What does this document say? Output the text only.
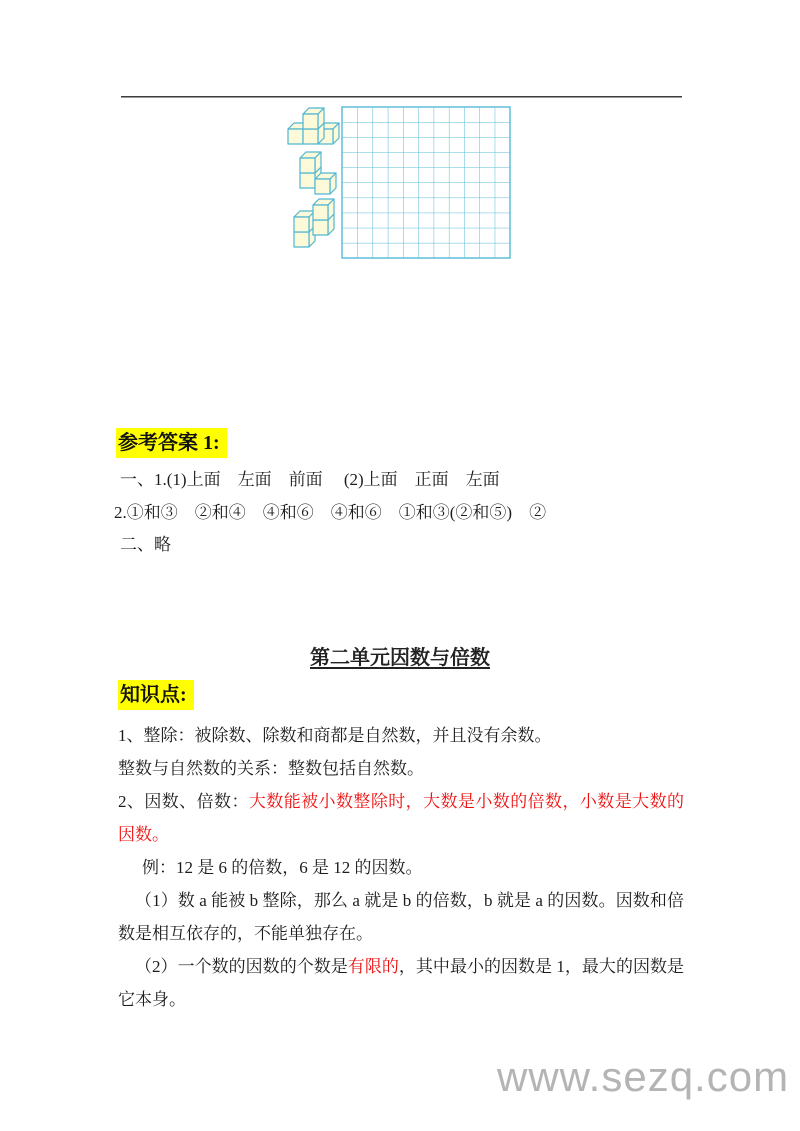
参考答案 1:
一、1.(1)上面　左面　前面　 (2)上面　正面　左面
2.①和③　②和④　④和⑥　④和⑥　①和③(②和⑤)　②
二、略
第二单元因数与倍数
知识点:

1、整除：被除数、除数和商都是自然数，并且没有余数。

整数与自然数的关系：整数包括自然数。

2、因数、倍数：大数能被小数整除时，大数是小数的倍数，小数是大数的因数。

例：12 是 6 的倍数，6 是 12 的因数。

（1）数 a 能被 b 整除，那么 a 就是 b 的倍数，b 就是 a 的因数。因数和倍数是相互依存的，不能单独存在。

（2）一个数的因数的个数是有限的，其中最小的因数是 1，最大的因数是它本身。

www.sezq.com
